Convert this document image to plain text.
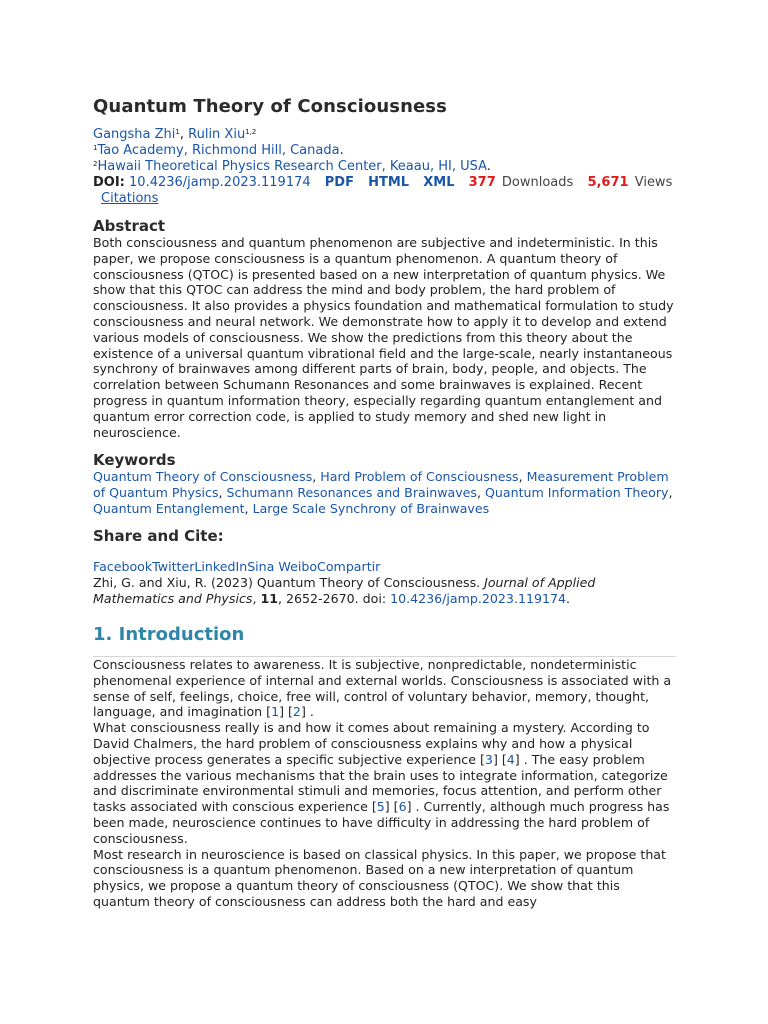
Quantum Theory of Consciousness
Gangsha Zhi$^1$, Rulin Xiu$^{1,2}$
$^1$Tao Academy, Richmond Hill, Canada.
$^2$Hawaii Theoretical Physics Research Center, Keaau, HI, USA.
DOI: 10.4236/jamp.2023.119174 PDF HTML XML 377 Downloads 5,671 Views
Citations
Abstract

Both consciousness and quantum phenomenon are subjective and indeterministic. In this paper, we propose consciousness is a quantum phenomenon. A quantum theory of consciousness (QTOC) is presented based on a new interpretation of quantum physics. We show that this QTOC can address the mind and body problem, the hard problem of consciousness. It also provides a physics foundation and mathematical formulation to study consciousness and neural network. We demonstrate how to apply it to develop and extend various models of consciousness. We show the predictions from this theory about the existence of a universal quantum vibrational field and the large-scale, nearly instantaneous synchrony of brainwaves among different parts of brain, body, people, and objects. The correlation between Schumann Resonances and some brainwaves is explained. Recent progress in quantum information theory, especially regarding quantum entanglement and quantum error correction code, is applied to study memory and shed new light in neuroscience.

Keywords

Quantum Theory of Consciousness, Hard Problem of Consciousness, Measurement Problem of Quantum Physics, Schumann Resonances and Brainwaves, Quantum Information Theory, Quantum Entanglement, Large Scale Synchrony of Brainwaves

Share and Cite:
FacebookTwitterLinkedInSina WeiboCompartir
Zhi, G. and Xiu, R. (2023) Quantum Theory of Consciousness. Journal of Applied Mathematics and Physics, 11, 2652-2670. doi: 10.4236/jamp.2023.119174.
1. Introduction

Consciousness relates to awareness. It is subjective, nonpredictable, nondeterministic phenomenal experience of internal and external worlds. Consciousness is associated with a sense of self, feelings, choice, free will, control of voluntary behavior, memory, thought, language, and imagination [1] [2] .

What consciousness really is and how it comes about remaining a mystery. According to David Chalmers, the hard problem of consciousness explains why and how a physical objective process generates a specific subjective experience [3] [4] . The easy problem addresses the various mechanisms that the brain uses to integrate information, categorize and discriminate environmental stimuli and memories, focus attention, and perform other tasks associated with conscious experience [5] [6] . Currently, although much progress has been made, neuroscience continues to have difficulty in addressing the hard problem of consciousness.

Most research in neuroscience is based on classical physics. In this paper, we propose that consciousness is a quantum phenomenon. Based on a new interpretation of quantum physics, we propose a quantum theory of consciousness (QTOC). We show that this quantum theory of consciousness can address both the hard and easy
